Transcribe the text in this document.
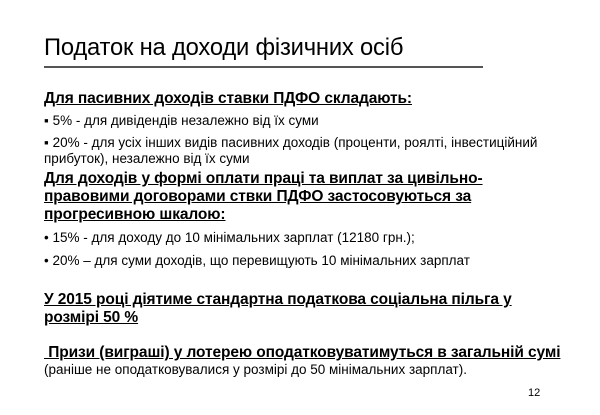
Податок на доходи фізичних осіб
Для пасивних доходів ставки ПДФО складають:
▪ 5% - для дивідендів незалежно від їх суми
▪ 20% - для усіх інших видів пасивних доходів (проценти, роялті, інвестиційний
прибуток), незалежно від їх суми
Для доходів у формі оплати праці та виплат за цивільно-
правовими договорами ствки ПДФО застосовуються за
прогресивною шкалою:
• 15% - для доходу до 10 мінімальних зарплат (12180 грн.);
• 20% – для суми доходів, що перевищують 10 мінімальних зарплат
У 2015 році діятиме стандартна податкова соціальна пільга у
розмірі 50 %
Призи (виграші) у лотерею оподатковуватимуться в загальній сумі
(раніше не оподатковувалися у розмірі до 50 мінімальних зарплат).
12
